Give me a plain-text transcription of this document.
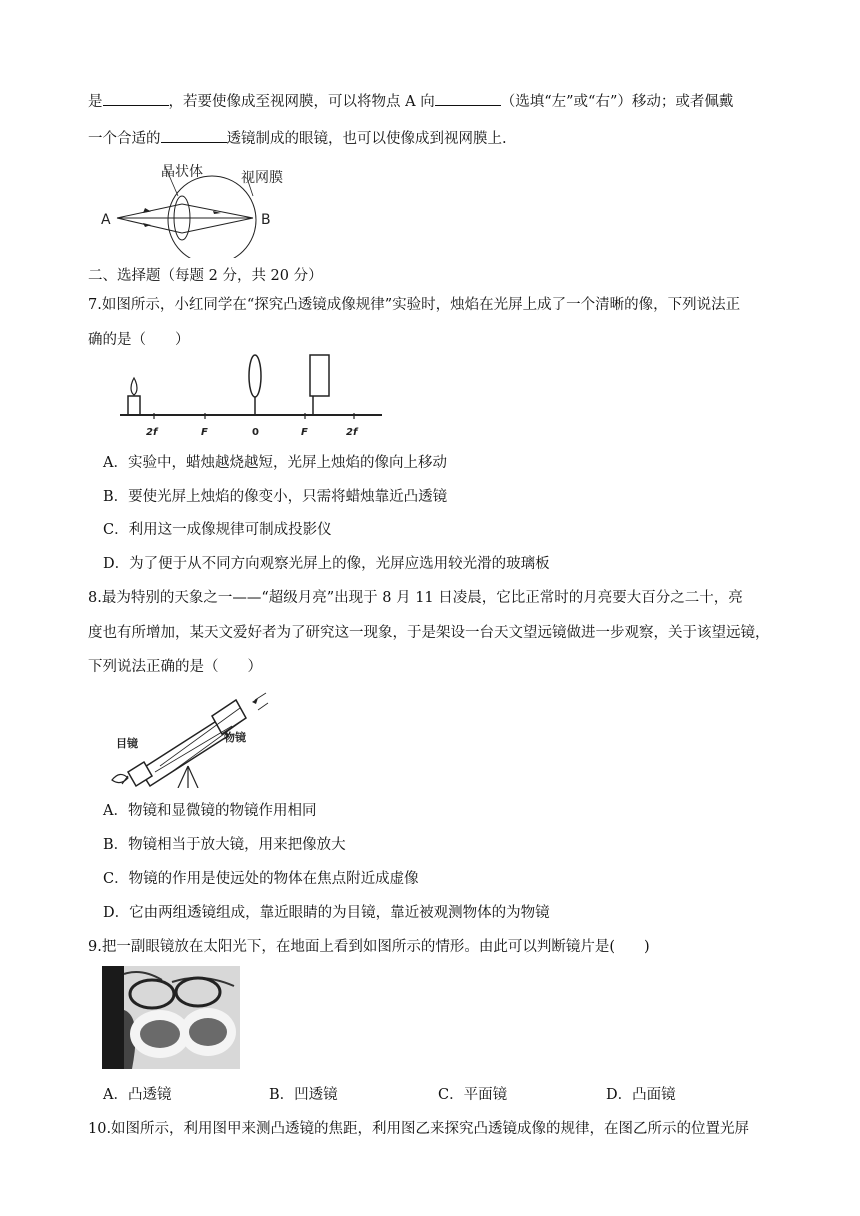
是	，若要使像成至视网膜，可以将物点 A 向	（选填“左”或“右”）移动；或者佩戴
一个合适的	透镜制成的眼镜，也可以使像成到视网膜上.
晶状体	视网膜
A	B
二、选择题（每题 2 分，共 20 分）
7.如图所示，小红同学在“探究凸透镜成像规律”实验时，烛焰在光屏上成了一个清晰的像，下列说法正
确的是（　　）
2f	F	0	F	2f
A．实验中，蜡烛越烧越短，光屏上烛焰的像向上移动
B．要使光屏上烛焰的像变小，只需将蜡烛靠近凸透镜
C．利用这一成像规律可制成投影仪
D．为了便于从不同方向观察光屏上的像，光屏应选用较光滑的玻璃板
8.最为特别的天象之一——“超级月亮”出现于 8 月 11 日凌晨，它比正常时的月亮要大百分之二十，亮
度也有所增加，某天文爱好者为了研究这一现象，于是架设一台天文望远镜做进一步观察，关于该望远镜，
下列说法正确的是（　　）
目镜	物镜
A．物镜和显微镜的物镜作用相同
B．物镜相当于放大镜，用来把像放大
C．物镜的作用是使远处的物体在焦点附近成虚像
D．它由两组透镜组成，靠近眼睛的为目镜，靠近被观测物体的为物镜
9.把一副眼镜放在太阳光下，在地面上看到如图所示的情形。由此可以判断镜片是(　　)
A．凸透镜	B．凹透镜	C．平面镜	D．凸面镜
10.如图所示，利用图甲来测凸透镜的焦距，利用图乙来探究凸透镜成像的规律，在图乙所示的位置光屏
